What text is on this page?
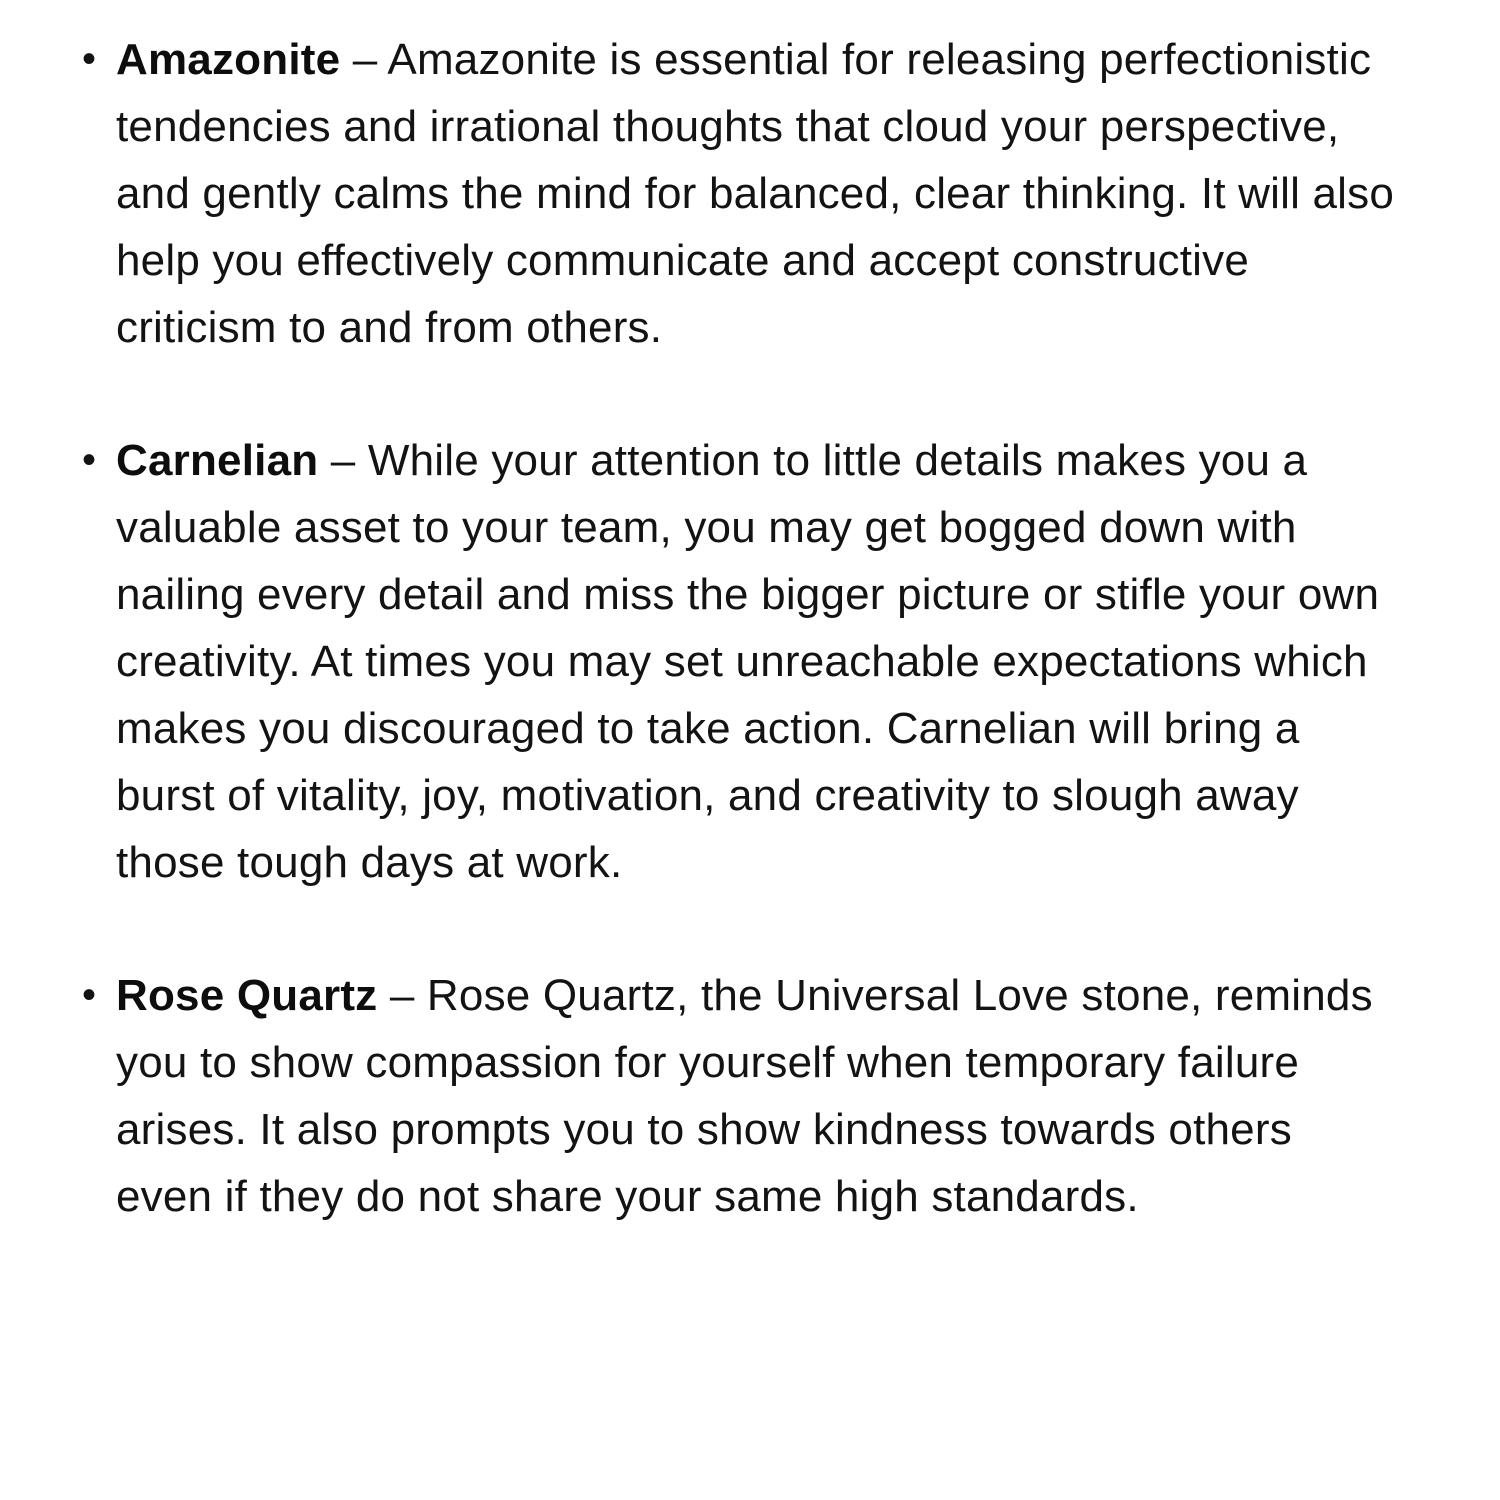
• Amazonite – Amazonite is essential for releasing perfectionistic tendencies and irrational thoughts that cloud your perspective, and gently calms the mind for balanced, clear thinking. It will also help you effectively communicate and accept constructive criticism to and from others.

• Carnelian – While your attention to little details makes you a valuable asset to your team, you may get bogged down with nailing every detail and miss the bigger picture or stifle your own creativity. At times you may set unreachable expectations which makes you discouraged to take action. Carnelian will bring a burst of vitality, joy, motivation, and creativity to slough away those tough days at work.

• Rose Quartz – Rose Quartz, the Universal Love stone, reminds you to show compassion for yourself when temporary failure arises. It also prompts you to show kindness towards others even if they do not share your same high standards.
